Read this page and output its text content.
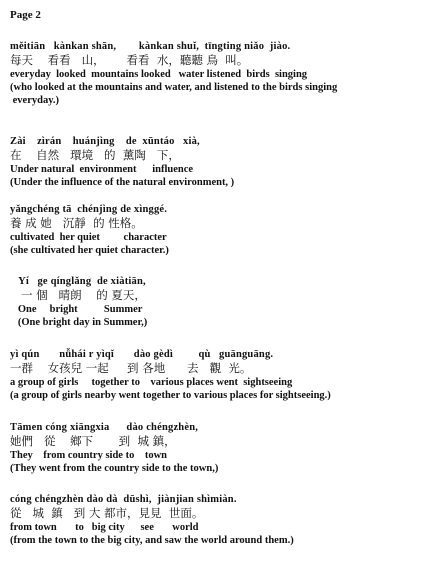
Page 2
měitiān   kànkan shān,        kànkan shuǐ,  tīngting niǎo  jiào.
每天    看看   山，      看看  水，聽聽 鳥  叫。
everyday  looked  mountains looked   water listened  birds  singing
(who looked at the mountains and water, and listened to the birds singing
everyday.)
Zài    zìrán    huánjìng    de  xūntáo   xià,
在    自然   環境   的  薰陶   下，
Under natural  environment      influence
(Under the influence of the natural environment, )
yǎngchéng tā  chénjìng de xìnggé.
養 成 她   沉靜  的 性格。
cultivated  her quiet         character
(she cultivated her quiet character.)
Yí   ge qínglǎng  de xiàtiān,
一 個   晴朗    的 夏天，
One     bright          Summer
(One bright day in Summer,)
yì qún       nǚhái r yìqǐ       dào gèdì         qù   guānguāng.
一群    女孩兒 一起     到 各地      去   觀  光。
a group of girls     together to    various places went  sightseeing
(a group of girls nearby went together to various places for sightseeing.)
Tāmen cóng xiāngxia      dào chéngzhèn,
她們   從    鄉下       到  城 鎮，
They    from country side to    town
(They went from the country side to the town,)
cóng chéngzhèn dào dà  dūshì,  jiànjian shìmiàn.
從   城  鎮   到 大 都市，見見  世面。
from town       to   big city      see       world
(from the town to the big city, and saw the world around them.)
